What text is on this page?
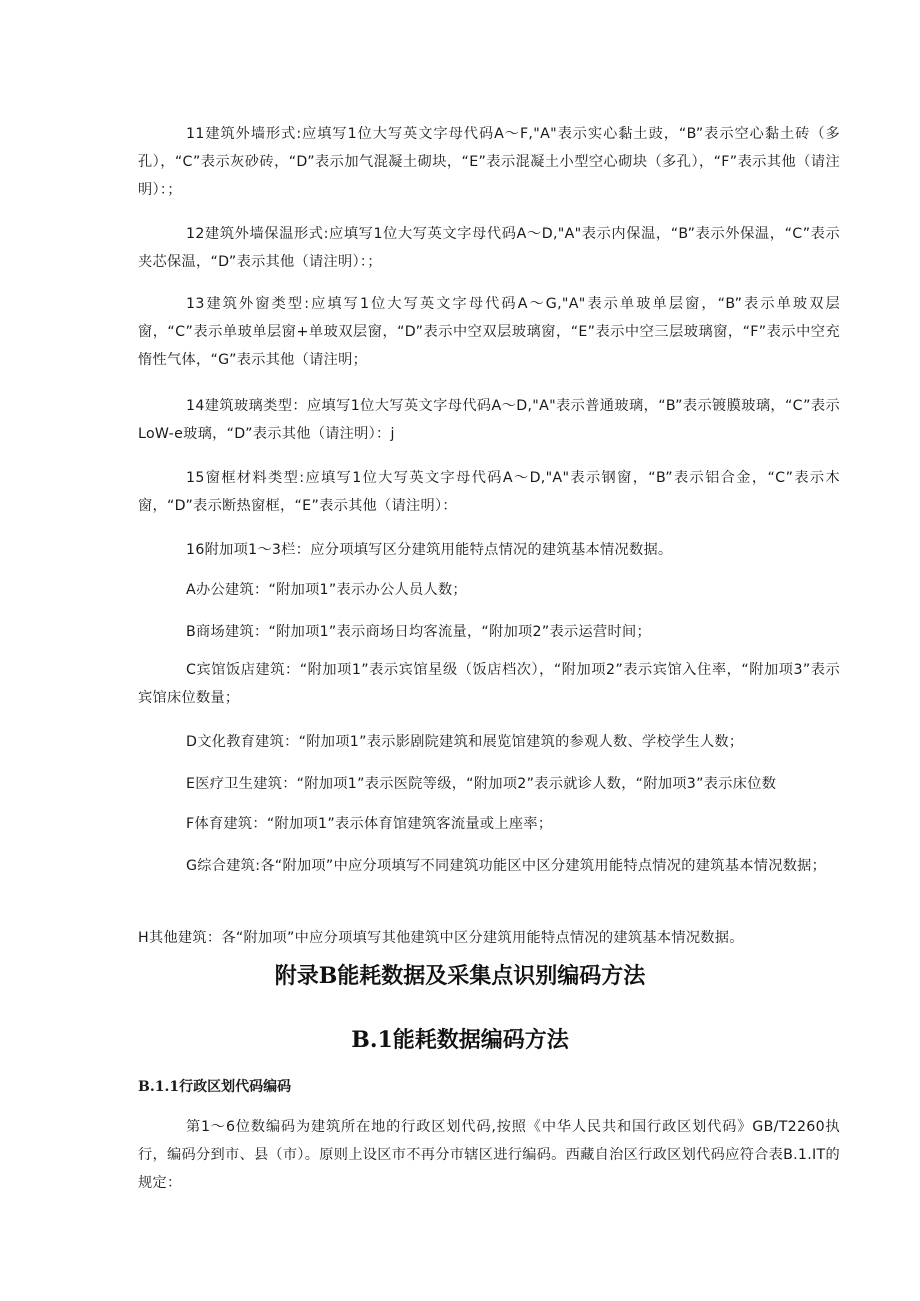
11建筑外墙形式:应填写1位大写英文字母代码A～F,"A"表示实心黏土豉，“B”表示空心黏土砖（多孔），“C”表示灰砂砖，“D”表示加气混凝土砌块，“E”表示混凝土小型空心砌块（多孔），“F”表示其他（请注明）：；

12建筑外墙保温形式:应填写1位大写英文字母代码A～D,"A"表示内保温，“B”表示外保温，“C”表示夹芯保温，“D”表示其他（请注明）：；

13建筑外窗类型:应填写1位大写英文字母代码A～G,"A"表示单玻单层窗，“B”表示单玻双层窗，“C”表示单玻单层窗+单玻双层窗，“D”表示中空双层玻璃窗，“E”表示中空三层玻璃窗，“F”表示中空充惰性气体，“G”表示其他（请注明；

14建筑玻璃类型：应填写1位大写英文字母代码A～D,"A"表示普通玻璃，“B”表示镀膜玻璃，“C”表示LoW-e玻璃，“D”表示其他（请注明）：j

15窗框材料类型:应填写1位大写英文字母代码A～D,"A"表示钢窗，“B”表示铝合金，“C”表示木窗，“D”表示断热窗框，“E”表示其他（请注明）：

16附加项1～3栏：应分项填写区分建筑用能特点情况的建筑基本情况数据。

A办公建筑：“附加项1”表示办公人员人数；

B商场建筑：“附加项1”表示商场日均客流量，“附加项2”表示运营时间；

C宾馆饭店建筑：“附加项1”表示宾馆星级（饭店档次），“附加项2”表示宾馆入住率，“附加项3”表示宾馆床位数量；

D文化教育建筑：“附加项1”表示影剧院建筑和展览馆建筑的参观人数、学校学生人数；

E医疗卫生建筑：“附加项1”表示医院等级，“附加项2”表示就诊人数，“附加项3”表示床位数

F体育建筑：“附加项1”表示体育馆建筑客流量或上座率；

G综合建筑:各“附加项”中应分项填写不同建筑功能区中区分建筑用能特点情况的建筑基本情况数据；

H其他建筑：各“附加项”中应分项填写其他建筑中区分建筑用能特点情况的建筑基本情况数据。

附录B能耗数据及采集点识别编码方法
B.1能耗数据编码方法
B.1.1行政区划代码编码

第1～6位数编码为建筑所在地的行政区划代码,按照《中华人民共和国行政区划代码》GB/T2260执行，编码分到市、县（市）。原则上设区市不再分市辖区进行编码。西藏自治区行政区划代码应符合表B.1.IT的规定：
